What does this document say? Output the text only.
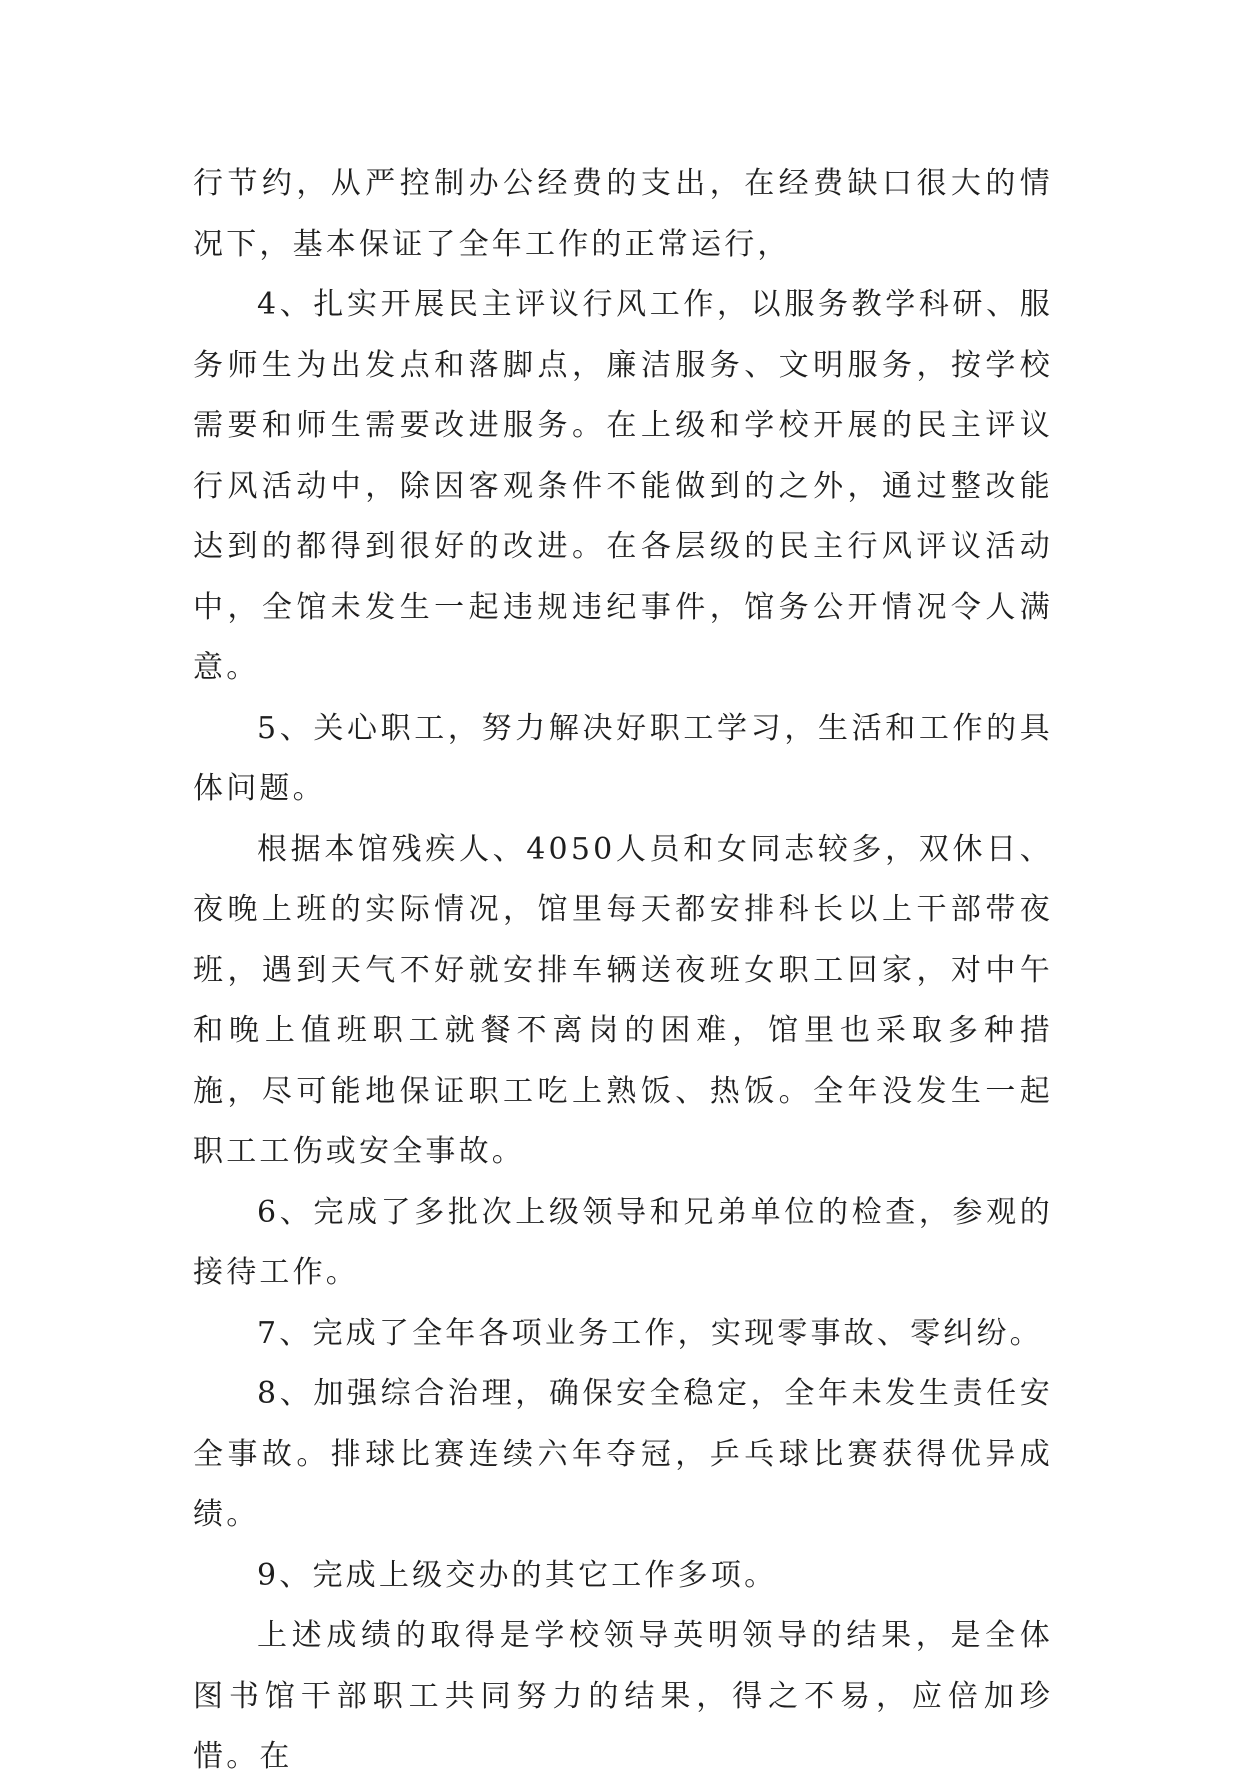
行节约，从严控制办公经费的支出，在经费缺口很大的情况下，基本保证了全年工作的正常运行，

4、扎实开展民主评议行风工作，以服务教学科研、服务师生为出发点和落脚点，廉洁服务、文明服务，按学校需要和师生需要改进服务。在上级和学校开展的民主评议行风活动中，除因客观条件不能做到的之外，通过整改能达到的都得到很好的改进。在各层级的民主行风评议活动中，全馆未发生一起违规违纪事件，馆务公开情况令人满意。

5、关心职工，努力解决好职工学习，生活和工作的具体问题。

根据本馆残疾人、4050人员和女同志较多，双休日、夜晚上班的实际情况，馆里每天都安排科长以上干部带夜班，遇到天气不好就安排车辆送夜班女职工回家，对中午和晚上值班职工就餐不离岗的困难，馆里也采取多种措施，尽可能地保证职工吃上熟饭、热饭。全年没发生一起职工工伤或安全事故。

6、完成了多批次上级领导和兄弟单位的检查，参观的接待工作。

7、完成了全年各项业务工作，实现零事故、零纠纷。

8、加强综合治理，确保安全稳定，全年未发生责任安全事故。排球比赛连续六年夺冠，乒乓球比赛获得优异成绩。

9、完成上级交办的其它工作多项。

上述成绩的取得是学校领导英明领导的结果，是全体图书馆干部职工共同努力的结果，得之不易，应倍加珍惜。在
